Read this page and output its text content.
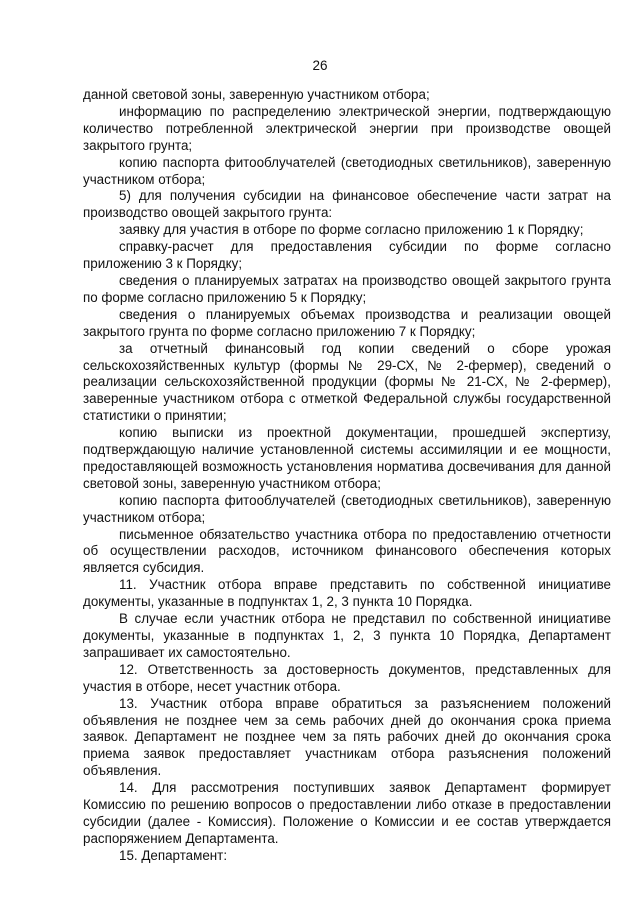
26

данной световой зоны, заверенную участником отбора;

информацию по распределению электрической энергии, подтверждающую количество потребленной электрической энергии при производстве овощей закрытого грунта;

копию паспорта фитооблучателей (светодиодных светильников), заверенную участником отбора;

5) для получения субсидии на финансовое обеспечение части затрат на производство овощей закрытого грунта:

заявку для участия в отборе по форме согласно приложению 1 к Порядку;

справку-расчет для предоставления субсидии по форме согласно приложению 3 к Порядку;

сведения о планируемых затратах на производство овощей закрытого грунта по форме согласно приложению 5 к Порядку;

сведения о планируемых объемах производства и реализации овощей закрытого грунта по форме согласно приложению 7 к Порядку;

за отчетный финансовый год копии сведений о сборе урожая сельскохозяйственных культур (формы № 29-СХ, № 2-фермер), сведений о реализации сельскохозяйственной продукции (формы № 21-СХ, № 2-фермер), заверенные участником отбора с отметкой Федеральной службы государственной статистики о принятии;

копию выписки из проектной документации, прошедшей экспертизу, подтверждающую наличие установленной системы ассимиляции и ее мощности, предоставляющей возможность установления норматива досвечивания для данной световой зоны, заверенную участником отбора;

копию паспорта фитооблучателей (светодиодных светильников), заверенную участником отбора;

письменное обязательство участника отбора по предоставлению отчетности об осуществлении расходов, источником финансового обеспечения которых является субсидия.

11. Участник отбора вправе представить по собственной инициативе документы, указанные в подпунктах 1, 2, 3 пункта 10 Порядка.

В случае если участник отбора не представил по собственной инициативе документы, указанные в подпунктах 1, 2, 3 пункта 10 Порядка, Департамент запрашивает их самостоятельно.

12. Ответственность за достоверность документов, представленных для участия в отборе, несет участник отбора.

13. Участник отбора вправе обратиться за разъяснением положений объявления не позднее чем за семь рабочих дней до окончания срока приема заявок. Департамент не позднее чем за пять рабочих дней до окончания срока приема заявок предоставляет участникам отбора разъяснения положений объявления.

14. Для рассмотрения поступивших заявок Департамент формирует Комиссию по решению вопросов о предоставлении либо отказе в предоставлении субсидии (далее - Комиссия). Положение о Комиссии и ее состав утверждается распоряжением Департамента.

15. Департамент:
